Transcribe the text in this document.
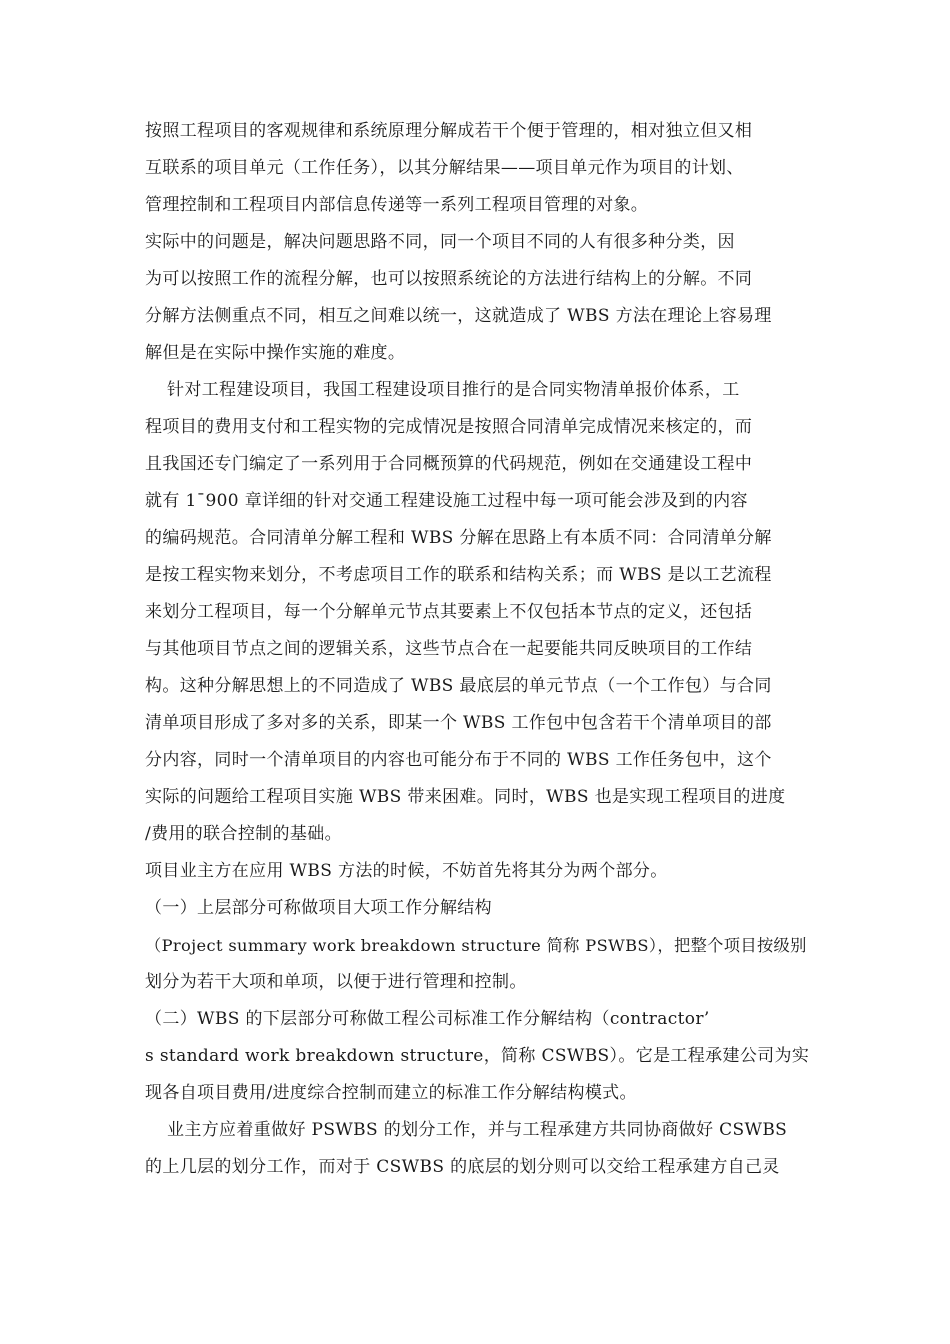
按照工程项目的客观规律和系统原理分解成若干个便于管理的，相对独立但又相
互联系的项目单元（工作任务），以其分解结果——项目单元作为项目的计划、
管理控制和工程项目内部信息传递等一系列工程项目管理的对象。
实际中的问题是，解决问题思路不同，同一个项目不同的人有很多种分类，因
为可以按照工作的流程分解，也可以按照系统论的方法进行结构上的分解。不同
分解方法侧重点不同，相互之间难以统一，这就造成了 WBS 方法在理论上容易理
解但是在实际中操作实施的难度。
针对工程建设项目，我国工程建设项目推行的是合同实物清单报价体系，工
程项目的费用支付和工程实物的完成情况是按照合同清单完成情况来核定的，而
且我国还专门编定了一系列用于合同概预算的代码规范，例如在交通建设工程中
就有 1¯900 章详细的针对交通工程建设施工过程中每一项可能会涉及到的内容
的编码规范。合同清单分解工程和 WBS 分解在思路上有本质不同：合同清单分解
是按工程实物来划分，不考虑项目工作的联系和结构关系；而 WBS 是以工艺流程
来划分工程项目，每一个分解单元节点其要素上不仅包括本节点的定义，还包括
与其他项目节点之间的逻辑关系，这些节点合在一起要能共同反映项目的工作结
构。这种分解思想上的不同造成了 WBS 最底层的单元节点（一个工作包）与合同
清单项目形成了多对多的关系，即某一个 WBS 工作包中包含若干个清单项目的部
分内容，同时一个清单项目的内容也可能分布于不同的 WBS 工作任务包中，这个
实际的问题给工程项目实施 WBS 带来困难。同时，WBS 也是实现工程项目的进度
/费用的联合控制的基础。
项目业主方在应用 WBS 方法的时候，不妨首先将其分为两个部分。
（一）上层部分可称做项目大项工作分解结构
（Project summary work breakdown structure 简称 PSWBS），把整个项目按级别
划分为若干大项和单项，以便于进行管理和控制。
（二）WBS 的下层部分可称做工程公司标准工作分解结构（contractor’
s standard work breakdown structure，简称 CSWBS）。它是工程承建公司为实
现各自项目费用/进度综合控制而建立的标准工作分解结构模式。
业主方应着重做好 PSWBS 的划分工作，并与工程承建方共同协商做好 CSWBS
的上几层的划分工作，而对于 CSWBS 的底层的划分则可以交给工程承建方自己灵
